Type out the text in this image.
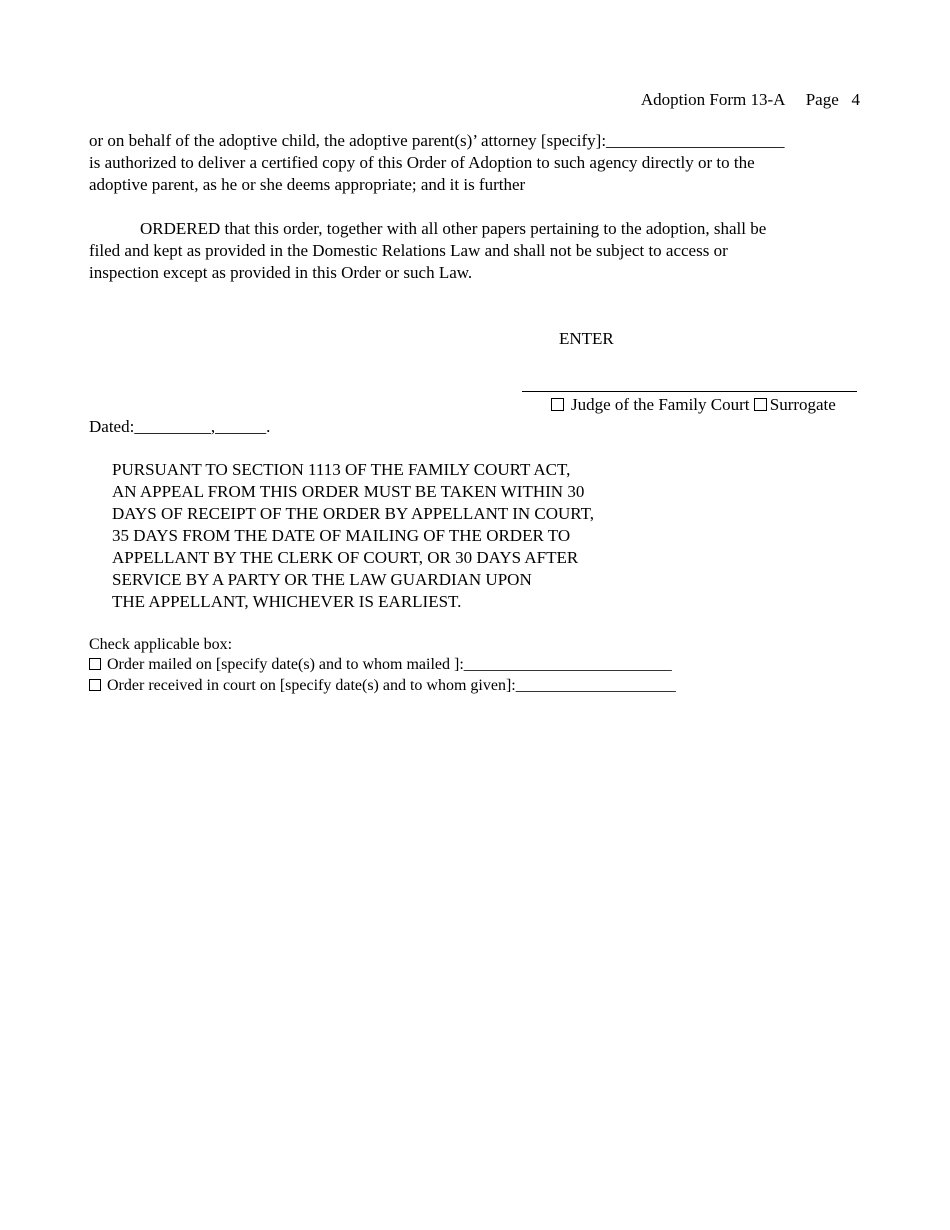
Adoption Form 13-A Page 4
or on behalf of the adoptive child, the adoptive parent(s)’ attorney [specify]:_____________________
is authorized to deliver a certified copy of this Order of Adoption to such agency directly or to the
adoptive parent, as he or she deems appropriate; and it is further
ORDERED that this order, together with all other papers pertaining to the adoption, shall be
filed and kept as provided in the Domestic Relations Law and shall not be subject to access or
inspection except as provided in this Order or such Law.
ENTER
Judge of the Family Court Surrogate
Dated:_________,______.
PURSUANT TO SECTION 1113 OF THE FAMILY COURT ACT,
AN APPEAL FROM THIS ORDER MUST BE TAKEN WITHIN 30
DAYS OF RECEIPT OF THE ORDER BY APPELLANT IN COURT,
35 DAYS FROM THE DATE OF MAILING OF THE ORDER TO
APPELLANT BY THE CLERK OF COURT, OR 30 DAYS AFTER
SERVICE BY A PARTY OR THE LAW GUARDIAN UPON
THE APPELLANT, WHICHEVER IS EARLIEST.
Check applicable box:
Order mailed on [specify date(s) and to whom mailed ]:__________________________
Order received in court on [specify date(s) and to whom given]:____________________
